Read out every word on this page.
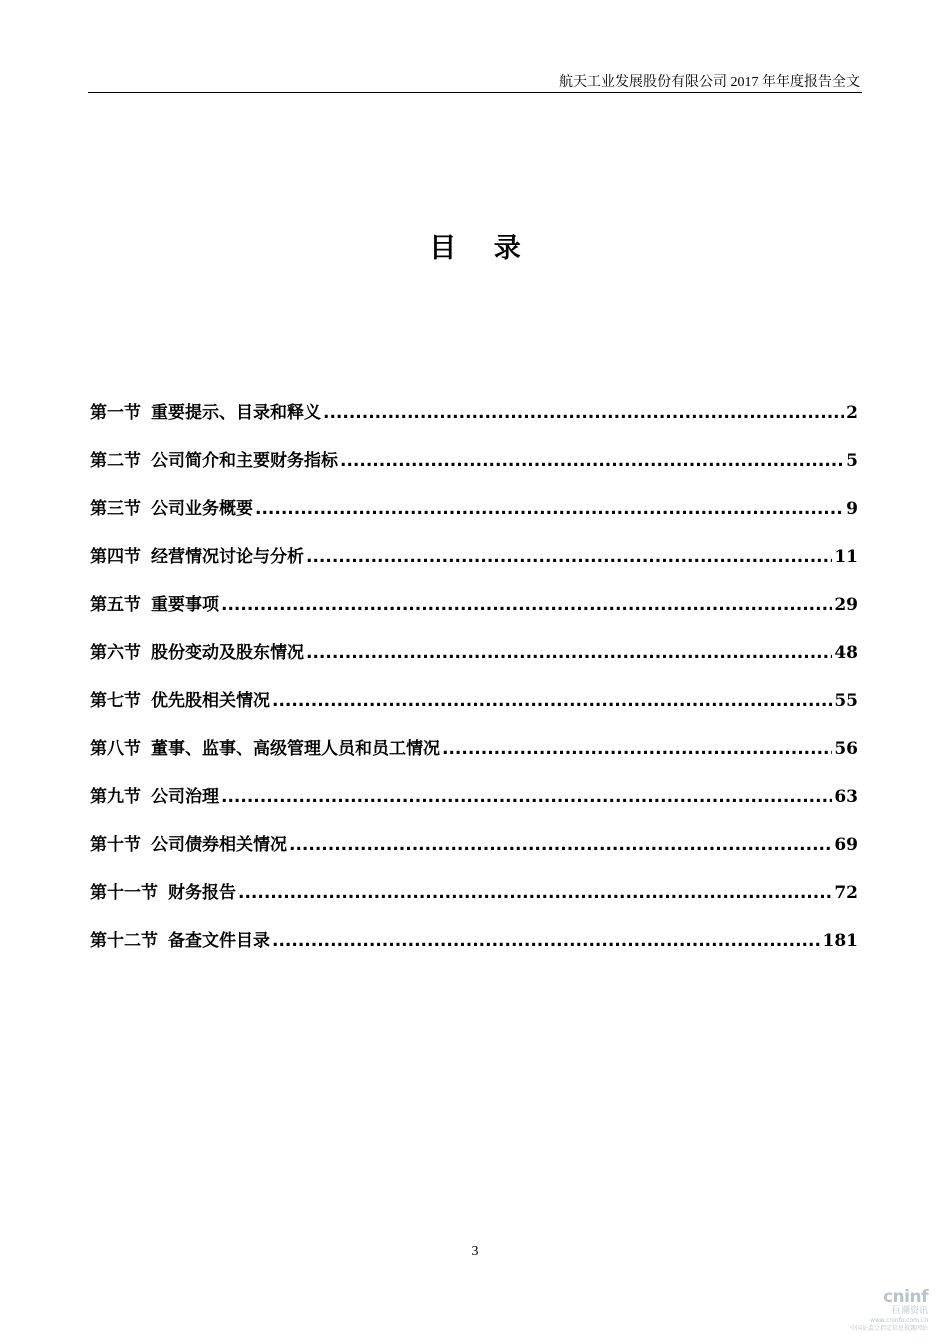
航天工业发展股份有限公司 2017 年年度报告全文
目 录
第一节 重要提示、目录和释义 .....	2
第二节 公司简介和主要财务指标 .....	5
第三节 公司业务概要 .....	9
第四节 经营情况讨论与分析 .....	11
第五节 重要事项 .....	29
第六节 股份变动及股东情况 .....	48
第七节 优先股相关情况 .....	55
第八节 董事、监事、高级管理人员和员工情况 .....	56
第九节 公司治理 .....	63
第十节 公司债券相关情况 .....	69
第十一节 财务报告 .....	72
第十二节 备查文件目录 .....	181
3
cninf
巨潮资讯
www.cninfo.com.cn
中国证监会指定信息披露网站
